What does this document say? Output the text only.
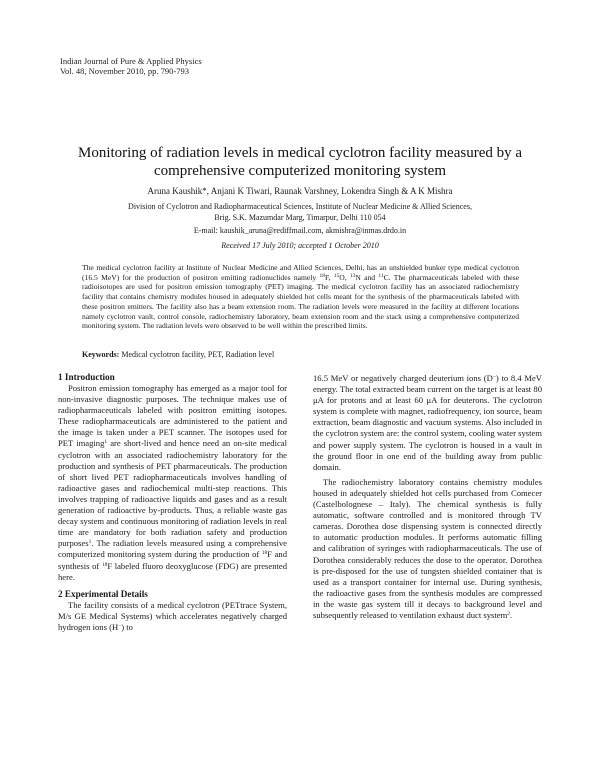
Indian Journal of Pure & Applied Physics
Vol. 48, November 2010, pp. 790-793
Monitoring of radiation levels in medical cyclotron facility measured by a comprehensive computerized monitoring system
Aruna Kaushik*, Anjani K Tiwari, Raunak Varshney, Lokendra Singh & A K Mishra
Division of Cyclotron and Radiopharmaceutical Sciences, Institute of Nuclear Medicine & Allied Sciences,
Brig. S.K. Mazumdar Marg, Timarpur, Delhi 110 054
E-mail: kaushik_aruna@rediffmail.com, akmishra@inmas.drdo.in
Received 17 July 2010; accepted 1 October 2010
The medical cyclotron facility at Institute of Nuclear Medicine and Allied Sciences, Delhi, has an unshielded bunker type medical cyclotron (16.5 MeV) for the production of positron emitting radionuclides namely $^{18}$F, $^{15}$O, $^{13}$N and $^{11}$C. The pharmaceuticals labeled with these radioisotopes are used for positron emission tomography (PET) imaging. The medical cyclotron facility has an associated radiochemistry facility that contains chemistry modules housed in adequately shielded hot cells meant for the synthesis of the pharmaceuticals labeled with these positron emitters. The facility also has a beam extension room. The radiation levels were measured in the facility at different locations namely cyclotron vault, control console, radiochemistry laboratory, beam extension room and the stack using a comprehensive computerized monitoring system. The radiation levels were observed to be well within the prescribed limits.
Keywords: Medical cyclotron facility, PET, Radiation level
1 Introduction

Positron emission tomography has emerged as a major tool for non-invasive diagnostic purposes. The technique makes use of radiopharmaceuticals labeled with positron emitting isotopes. These radiopharmaceuticals are administered to the patient and the image is taken under a PET scanner. The isotopes used for PET imaging$^1$ are short-lived and hence need an on-site medical cyclotron with an associated radiochemistry laboratory for the production and synthesis of PET pharmaceuticals. The production of short lived PET radiopharmaceuticals involves handling of radioactive gases and radiochemical multi-step reactions. This involves trapping of radioactive liquids and gases and as a result generation of radioactive by-products. Thus, a reliable waste gas decay system and continuous monitoring of radiation levels in real time are mandatory for both radiation safety and production purposes$^1$. The radiation levels measured using a comprehensive computerized monitoring system during the production of $^{18}$F and synthesis of $^{18}$F labeled fluoro deoxyglucose (FDG) are presented here.

2 Experimental Details

The facility consists of a medical cyclotron (PETtrace System, M/s GE Medical Systems) which accelerates negatively charged hydrogen ions (H−) to

16.5 MeV or negatively charged deuterium ions (D−) to 8.4 MeV energy. The total extracted beam current on the target is at least 80 μA for protons and at least 60 μA for deuterons. The cyclotron system is complete with magnet, radiofrequency, ion source, beam extraction, beam diagnostic and vacuum systems. Also included in the cyclotron system are: the control system, cooling water system and power supply system. The cyclotron is housed in a vault in the ground floor in one end of the building away from public domain.

The radiochemistry laboratory contains chemistry modules housed in adequately shielded hot cells purchased from Comecer (Castelbolognese – Italy). The chemical synthesis is fully automatic, software controlled and is monitored through TV cameras. Dorothea dose dispensing system is connected directly to automatic production modules. It performs automatic filling and calibration of syringes with radiopharmaceuticals. The use of Dorothea considerably reduces the dose to the operator. Dorothea is pre-disposed for the use of tungsten shielded container that is used as a transport container for internal use. During synthesis, the radioactive gases from the synthesis modules are compressed in the waste gas system till it decays to background level and subsequently released to ventilation exhaust duct system$^2$.
